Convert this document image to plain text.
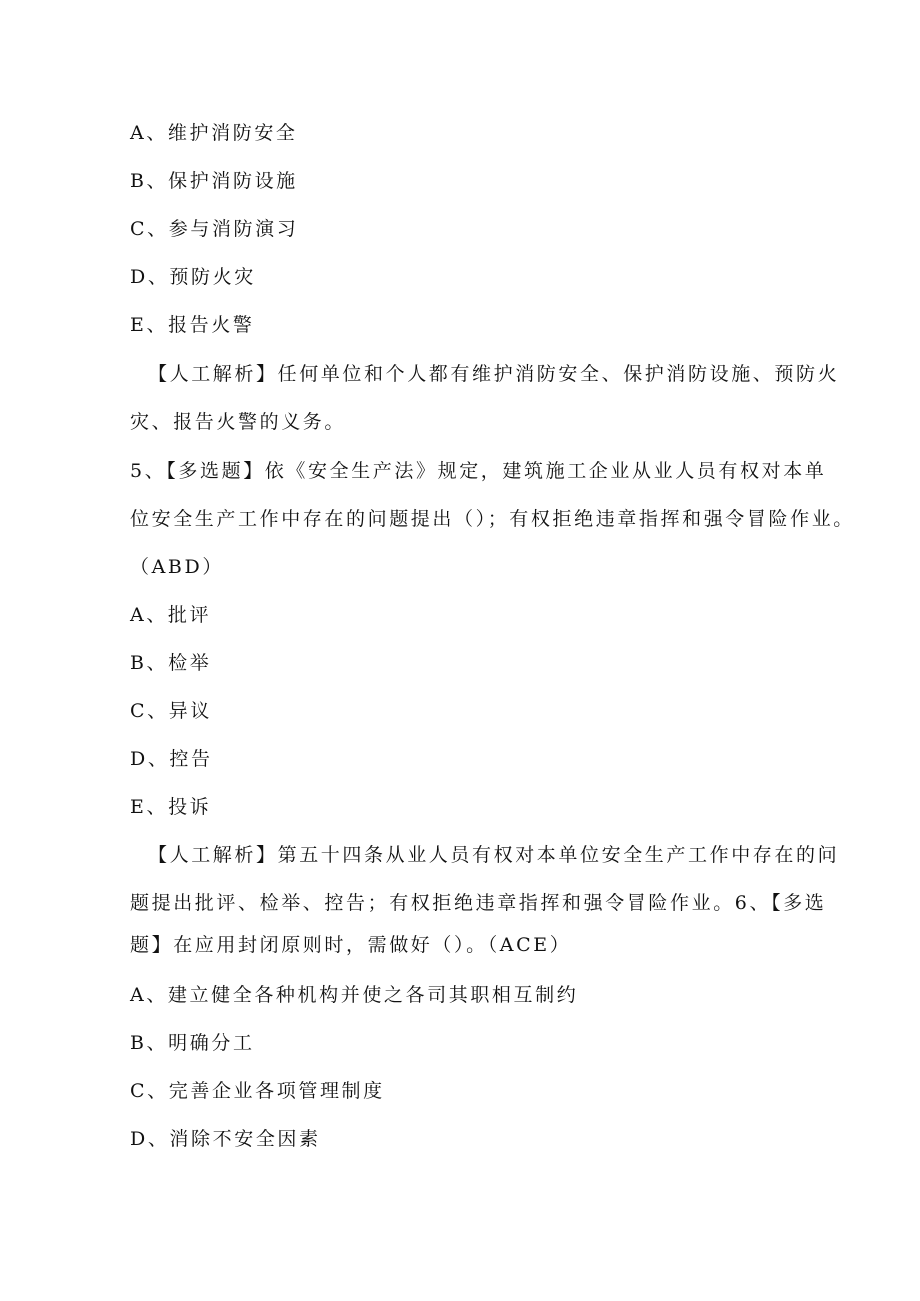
A、维护消防安全
B、保护消防设施
C、参与消防演习
D、预防火灾
E、报告火警
【人工解析】任何单位和个人都有维护消防安全、保护消防设施、预防火
灾、报告火警的义务。
5、【多选题】依《安全生产法》规定，建筑施工企业从业人员有权对本单
位安全生产工作中存在的问题提出（）；有权拒绝违章指挥和强令冒险作业。
（ABD）
A、批评
B、检举
C、异议
D、控告
E、投诉
【人工解析】第五十四条从业人员有权对本单位安全生产工作中存在的问
题提出批评、检举、控告；有权拒绝违章指挥和强令冒险作业。6、【多选
题】在应用封闭原则时，需做好（）。（ACE）
A、建立健全各种机构并使之各司其职相互制约
B、明确分工
C、完善企业各项管理制度
D、消除不安全因素
